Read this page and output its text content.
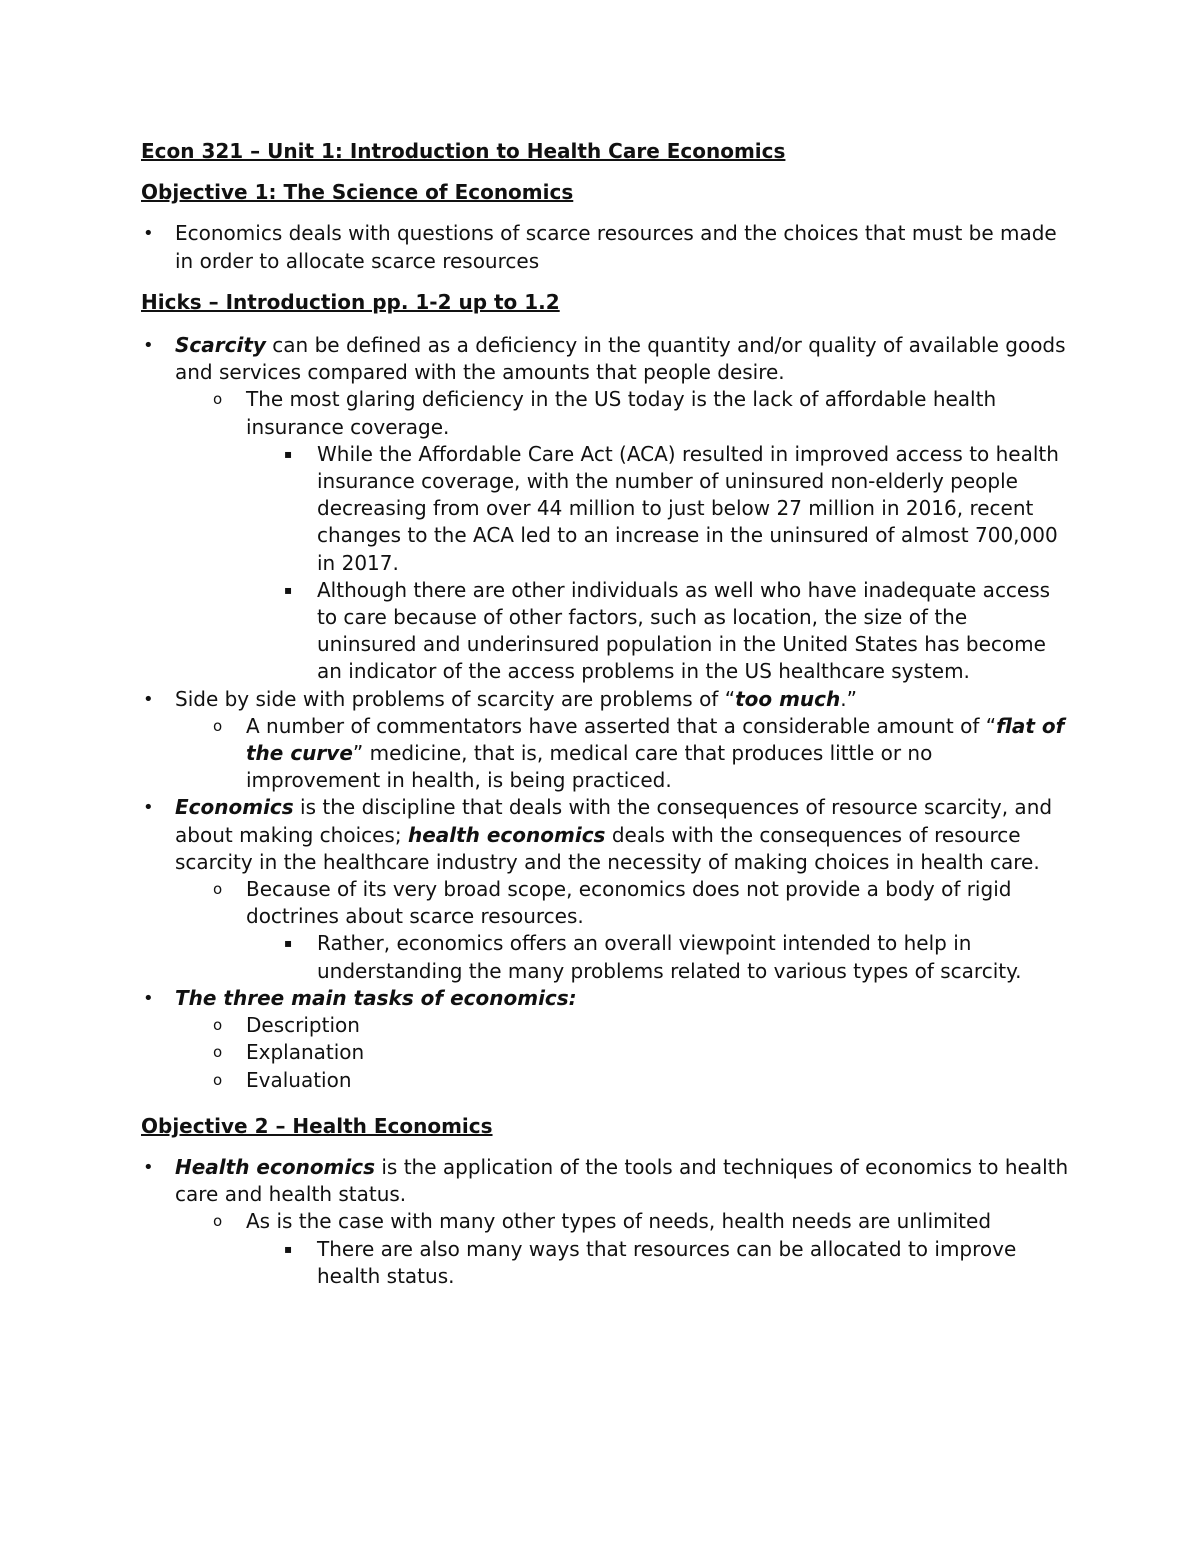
Econ 321 – Unit 1: Introduction to Health Care Economics

Objective 1: The Science of Economics

• Economics deals with questions of scarce resources and the choices that must be made in order to allocate scarce resources

Hicks – Introduction pp. 1-2 up to 1.2

• Scarcity can be defined as a deficiency in the quantity and/or quality of available goods and services compared with the amounts that people desire.
o The most glaring deficiency in the US today is the lack of affordable health insurance coverage.
▪ While the Affordable Care Act (ACA) resulted in improved access to health insurance coverage, with the number of uninsured non-elderly people decreasing from over 44 million to just below 27 million in 2016, recent changes to the ACA led to an increase in the uninsured of almost 700,000 in 2017.
▪ Although there are other individuals as well who have inadequate access to care because of other factors, such as location, the size of the uninsured and underinsured population in the United States has become an indicator of the access problems in the US healthcare system.
• Side by side with problems of scarcity are problems of “too much.”
o A number of commentators have asserted that a considerable amount of “flat of the curve” medicine, that is, medical care that produces little or no improvement in health, is being practiced.
• Economics is the discipline that deals with the consequences of resource scarcity, and about making choices; health economics deals with the consequences of resource scarcity in the healthcare industry and the necessity of making choices in health care.
o Because of its very broad scope, economics does not provide a body of rigid doctrines about scarce resources.
▪ Rather, economics offers an overall viewpoint intended to help in understanding the many problems related to various types of scarcity.
• The three main tasks of economics:
o Description
o Explanation
o Evaluation

Objective 2 – Health Economics

• Health economics is the application of the tools and techniques of economics to health care and health status.
o As is the case with many other types of needs, health needs are unlimited
▪ There are also many ways that resources can be allocated to improve health status.
